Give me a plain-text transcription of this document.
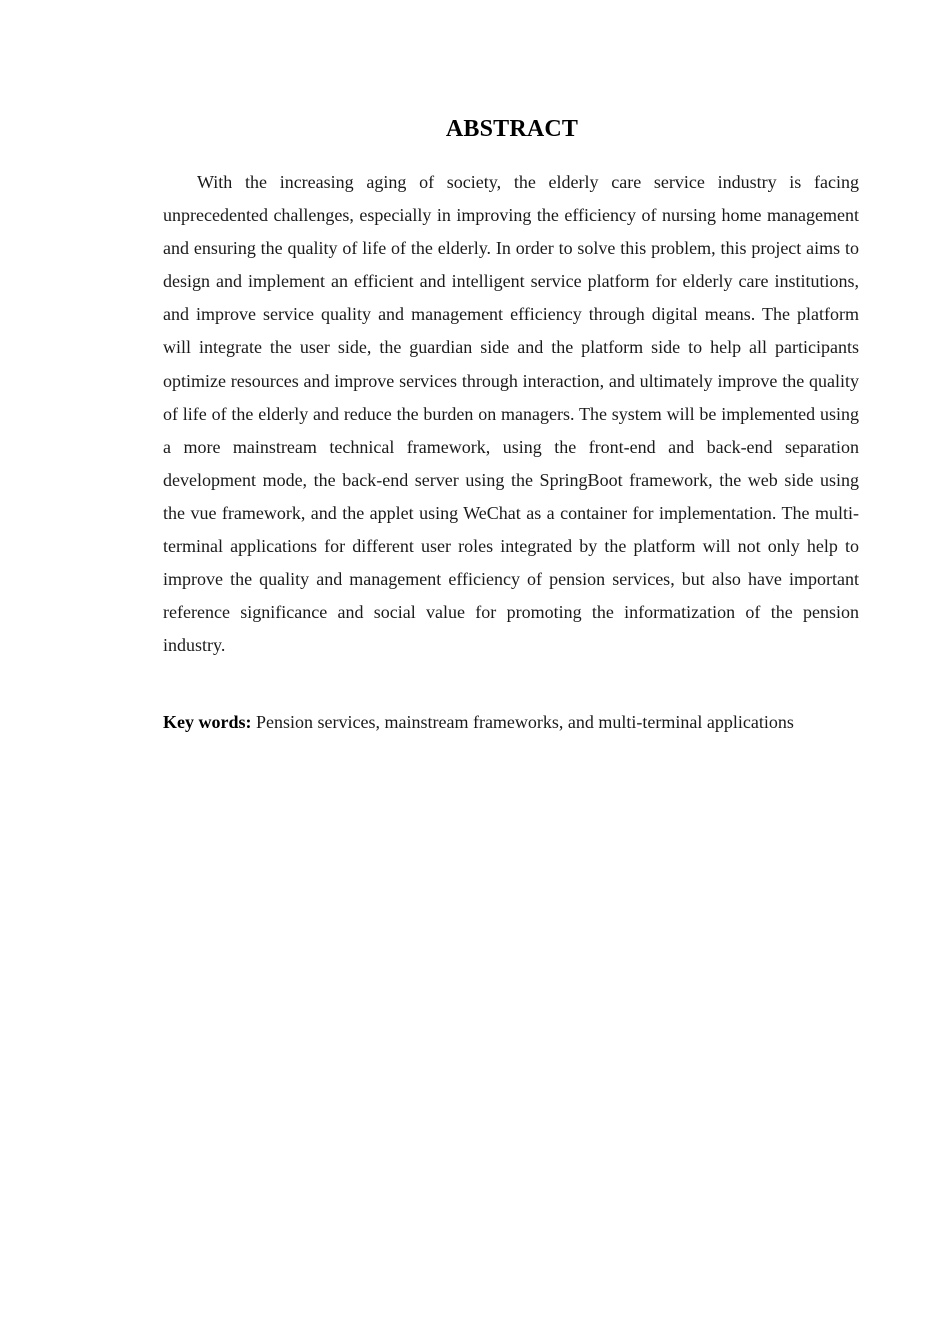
ABSTRACT

With the increasing aging of society, the elderly care service industry is facing unprecedented challenges, especially in improving the efficiency of nursing home management and ensuring the quality of life of the elderly. In order to solve this problem, this project aims to design and implement an efficient and intelligent service platform for elderly care institutions, and improve service quality and management efficiency through digital means. The platform will integrate the user side, the guardian side and the platform side to help all participants optimize resources and improve services through interaction, and ultimately improve the quality of life of the elderly and reduce the burden on managers. The system will be implemented using a more mainstream technical framework, using the front-end and back-end separation development mode, the back-end server using the SpringBoot framework, the web side using the vue framework, and the applet using WeChat as a container for implementation. The multi-terminal applications for different user roles integrated by the platform will not only help to improve the quality and management efficiency of pension services, but also have important reference significance and social value for promoting the informatization of the pension industry.

Key words: Pension services, mainstream frameworks, and multi-terminal applications
